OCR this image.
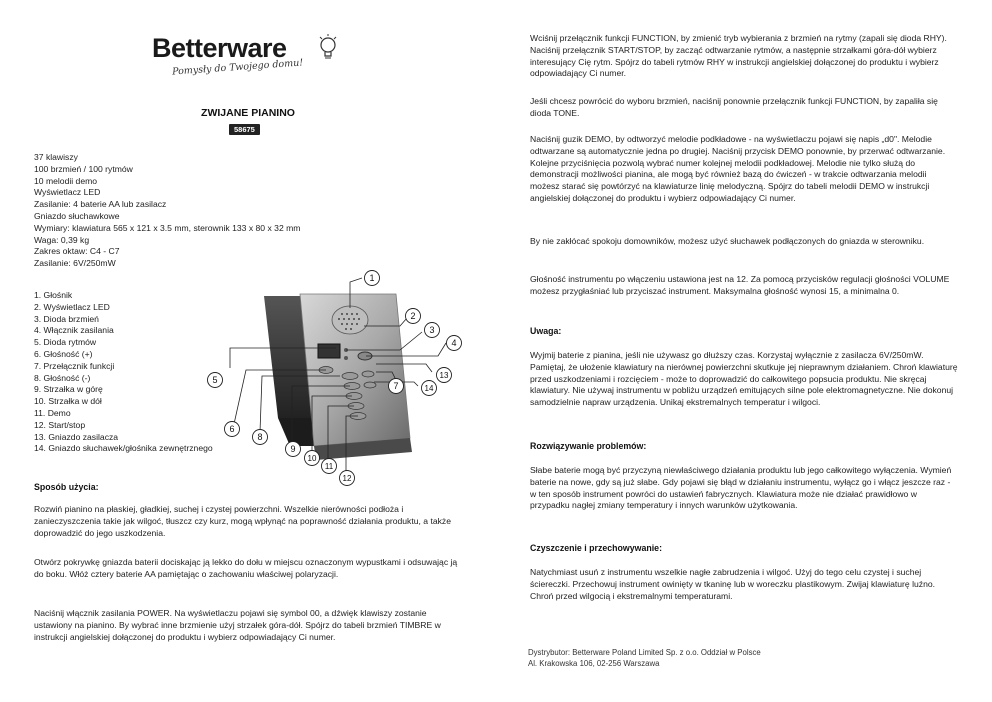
Betterware
Pomysły do Twojego domu!
ZWIJANE PIANINO
58675
37 klawiszy
100 brzmień / 100 rytmów
10 melodii demo
Wyświetlacz LED
Zasilanie: 4 baterie AA lub zasilacz
Gniazdo słuchawkowe
Wymiary: klawiatura 565 x 121 x 3.5 mm, sterownik 133 x 80 x 32 mm
Waga: 0,39 kg
Zakres oktaw: C4 - C7
Zasilanie: 6V/250mW
1. Głośnik
2. Wyświetlacz LED
3. Dioda brzmień
4. Włącznik zasilania
5. Dioda rytmów
6. Głośność (+)
7. Przełącznik funkcji
8. Głośność (-)
9. Strzałka w górę
10. Strzałka w dół
11. Demo
12. Start/stop
13. Gniazdo zasilacza
14. Gniazdo słuchawek/głośnika zewnętrznego
1
2
3
4
5
6
7
8
9
10
11
12
13
14
Sposób użycia:
Rozwiń pianino na płaskiej, gładkiej, suchej i czystej powierzchni. Wszelkie nierówności podłoża i zanieczyszczenia takie jak wilgoć, tłuszcz czy kurz, mogą wpłynąć na poprawność działania produktu, a także doprowadzić do jego uszkodzenia.
Otwórz pokrywkę gniazda baterii dociskając ją lekko do dołu w miejscu oznaczonym wypustkami i odsuwając ją do boku. Włóż cztery baterie AA pamiętając o zachowaniu właściwej polaryzacji.
Naciśnij włącznik zasilania POWER. Na wyświetlaczu pojawi się symbol 00, a dźwięk klawiszy zostanie ustawiony na pianino. By wybrać inne brzmienie użyj strzałek góra-dół. Spójrz do tabeli brzmień TIMBRE w instrukcji angielskiej dołączonej do produktu i wybierz odpowiadający Ci numer.
Wciśnij przełącznik funkcji FUNCTION, by zmienić tryb wybierania z brzmień na rytmy (zapali się dioda RHY). Naciśnij przełącznik START/STOP, by zacząć odtwarzanie rytmów, a następnie strzałkami góra-dół wybierz interesujący Cię rytm. Spójrz do tabeli rytmów RHY w instrukcji angielskiej dołączonej do produktu i wybierz odpowiadający Ci numer.
Jeśli chcesz powrócić do wyboru brzmień, naciśnij ponownie przełącznik funkcji FUNCTION, by zapaliła się dioda TONE.
Naciśnij guzik DEMO, by odtworzyć melodie podkładowe - na wyświetlaczu pojawi się napis „d0". Melodie odtwarzane są automatycznie jedna po drugiej. Naciśnij przycisk DEMO ponownie, by przerwać odtwarzanie. Kolejne przyciśnięcia pozwolą wybrać numer kolejnej melodii podkładowej. Melodie nie tylko służą do demonstracji możliwości pianina, ale mogą być również bazą do ćwiczeń - w trakcie odtwarzania melodii możesz starać się powtórzyć na klawiaturze linię melodyczną. Spójrz do tabeli melodii DEMO w instrukcji angielskiej dołączonej do produktu i wybierz odpowiadający Ci numer.
By nie zakłócać spokoju domowników, możesz użyć słuchawek podłączonych do gniazda w sterowniku.
Głośność instrumentu po włączeniu ustawiona jest na 12. Za pomocą przycisków regulacji głośności VOLUME możesz przygłaśniać lub przyciszać instrument. Maksymalna głośność wynosi 15, a minimalna 0.
Uwaga:
Wyjmij baterie z pianina, jeśli nie używasz go dłuższy czas. Korzystaj wyłącznie z zasilacza 6V/250mW. Pamiętaj, że ułożenie klawiatury na nierównej powierzchni skutkuje jej nieprawnym działaniem. Chroń klawiaturę przed uszkodzeniami i rozcięciem - może to doprowadzić do całkowitego popsucia produktu. Nie skręcaj klawiatury. Nie używaj instrumentu w pobliżu urządzeń emitujących silne pole elektromagnetyczne. Nie dokonuj samodzielnie napraw urządzenia. Unikaj ekstremalnych temperatur i wilgoci.
Rozwiązywanie problemów:
Słabe baterie mogą być przyczyną niewłaściwego działania produktu lub jego całkowitego wyłączenia. Wymień baterie na nowe, gdy są już słabe. Gdy pojawi się błąd w działaniu instrumentu, wyłącz go i włącz jeszcze raz - w ten sposób instrument powróci do ustawień fabrycznych. Klawiatura może nie działać prawidłowo w przypadku nagłej zmiany temperatury i innych warunków użytkowania.
Czyszczenie i przechowywanie:
Natychmiast usuń z instrumentu wszelkie nagłe zabrudzenia i wilgoć. Użyj do tego celu czystej i suchej ściereczki. Przechowuj instrument owinięty w tkaninę lub w woreczku plastikowym. Zwijaj klawiaturę luźno. Chroń przed wilgocią i ekstremalnymi temperaturami.
Dystrybutor: Betterware Poland Limited Sp. z o.o. Oddział w Polsce
Al. Krakowska 106, 02-256 Warszawa
